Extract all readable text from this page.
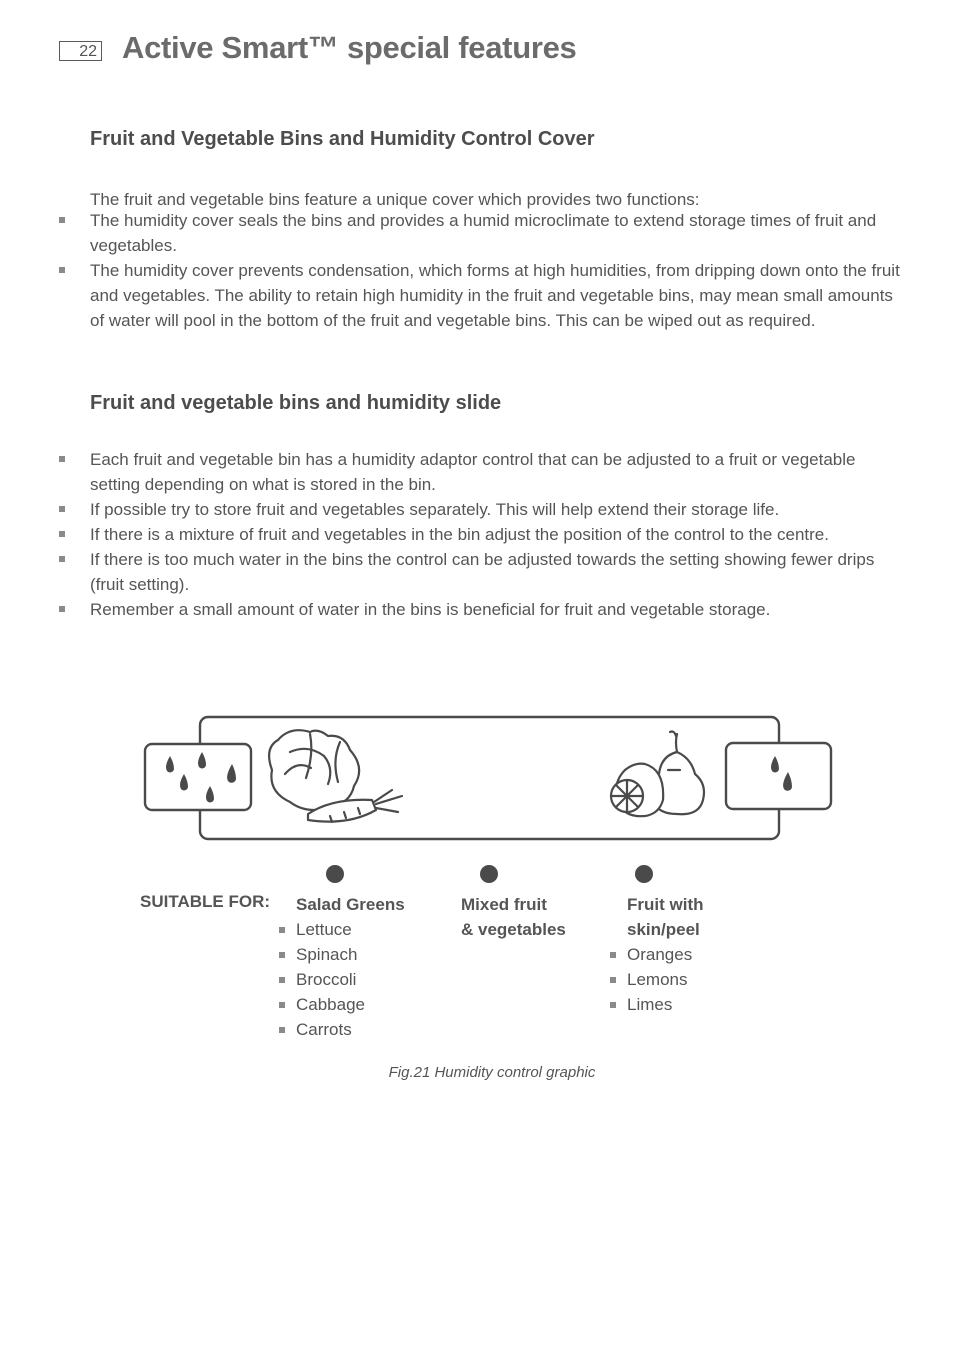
22 Active Smart™ special features
Fruit and Vegetable Bins and Humidity Control Cover

The fruit and vegetable bins feature a unique cover which provides two functions:

The humidity cover seals the bins and provides a humid microclimate to extend storage times of fruit and vegetables.
The humidity cover prevents condensation, which forms at high humidities, from dripping down onto the fruit and vegetables. The ability to retain high humidity in the fruit and vegetable bins, may mean small amounts of water will pool in the bottom of the fruit and vegetable bins. This can be wiped out as required.
Fruit and vegetable bins and humidity slide
Each fruit and vegetable bin has a humidity adaptor control that can be adjusted to a fruit or vegetable setting depending on what is stored in the bin.
If possible try to store fruit and vegetables separately. This will help extend their storage life.
If there is a mixture of fruit and vegetables in the bin adjust the position of the control to the centre.
If there is too much water in the bins the control can be adjusted towards the setting showing fewer drips (fruit setting).
Remember a small amount of water in the bins is beneficial for fruit and vegetable storage.
SUITABLE FOR: Salad Greens
Lettuce
Spinach
Broccoli
Cabbage
Carrots
Mixed fruit
& vegetables
Fruit with
skin/peel
Oranges
Lemons
Limes
Fig.21 Humidity control graphic
